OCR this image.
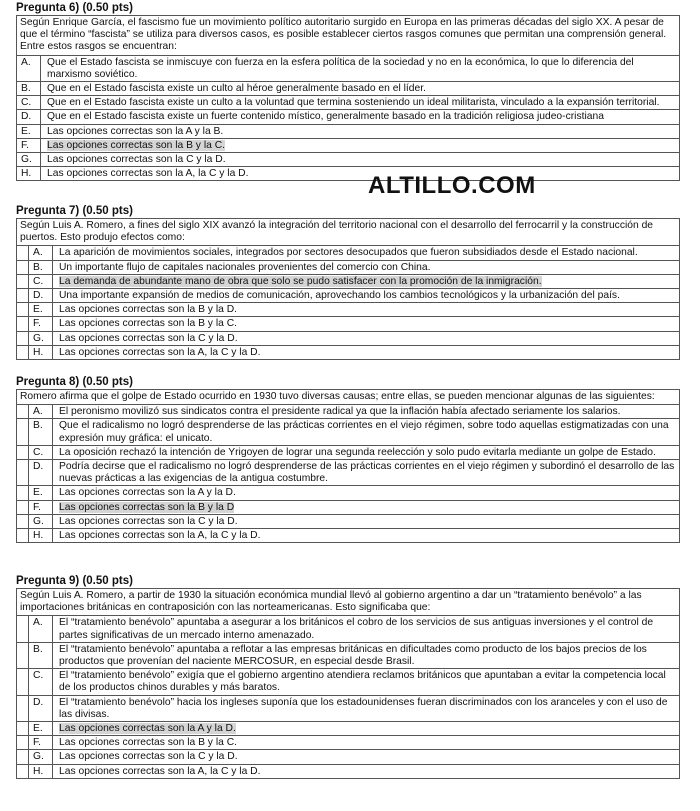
Pregunta 6) (0.50 pts)
Según Enrique García, el fascismo fue un movimiento político autoritario surgido en Europa en las primeras décadas del siglo XX. A pesar de que el término “fascista” se utiliza para diversos casos, es posible establecer ciertos rasgos comunes que permitan una comprensión general. Entre estos rasgos se encuentran:
A.	Que el Estado fascista se inmiscuye con fuerza en la esfera política de la sociedad y no en la económica, lo que lo diferencia del marxismo soviético.
B.	Que en el Estado fascista existe un culto al héroe generalmente basado en el líder.
C.	Que en el Estado fascista existe un culto a la voluntad que termina sosteniendo un ideal militarista, vinculado a la expansión territorial.
D.	Que en el Estado fascista existe un fuerte contenido místico, generalmente basado en la tradición religiosa judeo-cristiana
E.	Las opciones correctas son la A y la B.
F.	Las opciones correctas son la B y la C.
G.	Las opciones correctas son la C y la D.
H.	Las opciones correctas son la A, la C y la D.
Pregunta 7) (0.50 pts)
Según Luis A. Romero, a fines del siglo XIX avanzó la integración del territorio nacional con el desarrollo del ferrocarril y la construcción de puertos. Esto produjo efectos como:
A.	La aparición de movimientos sociales, integrados por sectores desocupados que fueron subsidiados desde el Estado nacional.
B.	Un importante flujo de capitales nacionales provenientes del comercio con China.
C.	La demanda de abundante mano de obra que solo se pudo satisfacer con la promoción de la inmigración.
D.	Una importante expansión de medios de comunicación, aprovechando los cambios tecnológicos y la urbanización del país.
E.	Las opciones correctas son la B y la D.
F.	Las opciones correctas son la B y la C.
G.	Las opciones correctas son la C y la D.
H.	Las opciones correctas son la A, la C y la D.
Pregunta 8) (0.50 pts)
Romero afirma que el golpe de Estado ocurrido en 1930 tuvo diversas causas; entre ellas, se pueden mencionar algunas de las siguientes:
A.	El peronismo movilizó sus sindicatos contra el presidente radical ya que la inflación había afectado seriamente los salarios.
B.	Que el radicalismo no logró desprenderse de las prácticas corrientes en el viejo régimen, sobre todo aquellas estigmatizadas con una expresión muy gráfica: el unicato.
C.	La oposición rechazó la intención de Yrigoyen de lograr una segunda reelección y solo pudo evitarla mediante un golpe de Estado.
D.	Podría decirse que el radicalismo no logró desprenderse de las prácticas corrientes en el viejo régimen y subordinó el desarrollo de las nuevas prácticas a las exigencias de la antigua costumbre.
E.	Las opciones correctas son la A y la D.
F.	Las opciones correctas son la B y la D
G.	Las opciones correctas son la C y la D.
H.	Las opciones correctas son la A, la C y la D.
Pregunta 9) (0.50 pts)
Según Luis A. Romero, a partir de 1930 la situación económica mundial llevó al gobierno argentino a dar un “tratamiento benévolo” a las importaciones británicas en contraposición con las norteamericanas. Esto significaba que:
A.	El “tratamiento benévolo” apuntaba a asegurar a los británicos el cobro de los servicios de sus antiguas inversiones y el control de partes significativas de un mercado interno amenazado.
B.	El “tratamiento benévolo” apuntaba a reflotar a las empresas británicas en dificultades como producto de los bajos precios de los productos que provenían del naciente MERCOSUR, en especial desde Brasil.
C.	El “tratamiento benévolo” exigía que el gobierno argentino atendiera reclamos británicos que apuntaban a evitar la competencia local de los productos chinos durables y más baratos.
D.	El “tratamiento benévolo” hacia los ingleses suponía que los estadounidenses fueran discriminados con los aranceles y con el uso de las divisas.
E.	Las opciones correctas son la A y la D.
F.	Las opciones correctas son la B y la C.
G.	Las opciones correctas son la C y la D.
H.	Las opciones correctas son la A, la C y la D.
ALTILLO.COM
